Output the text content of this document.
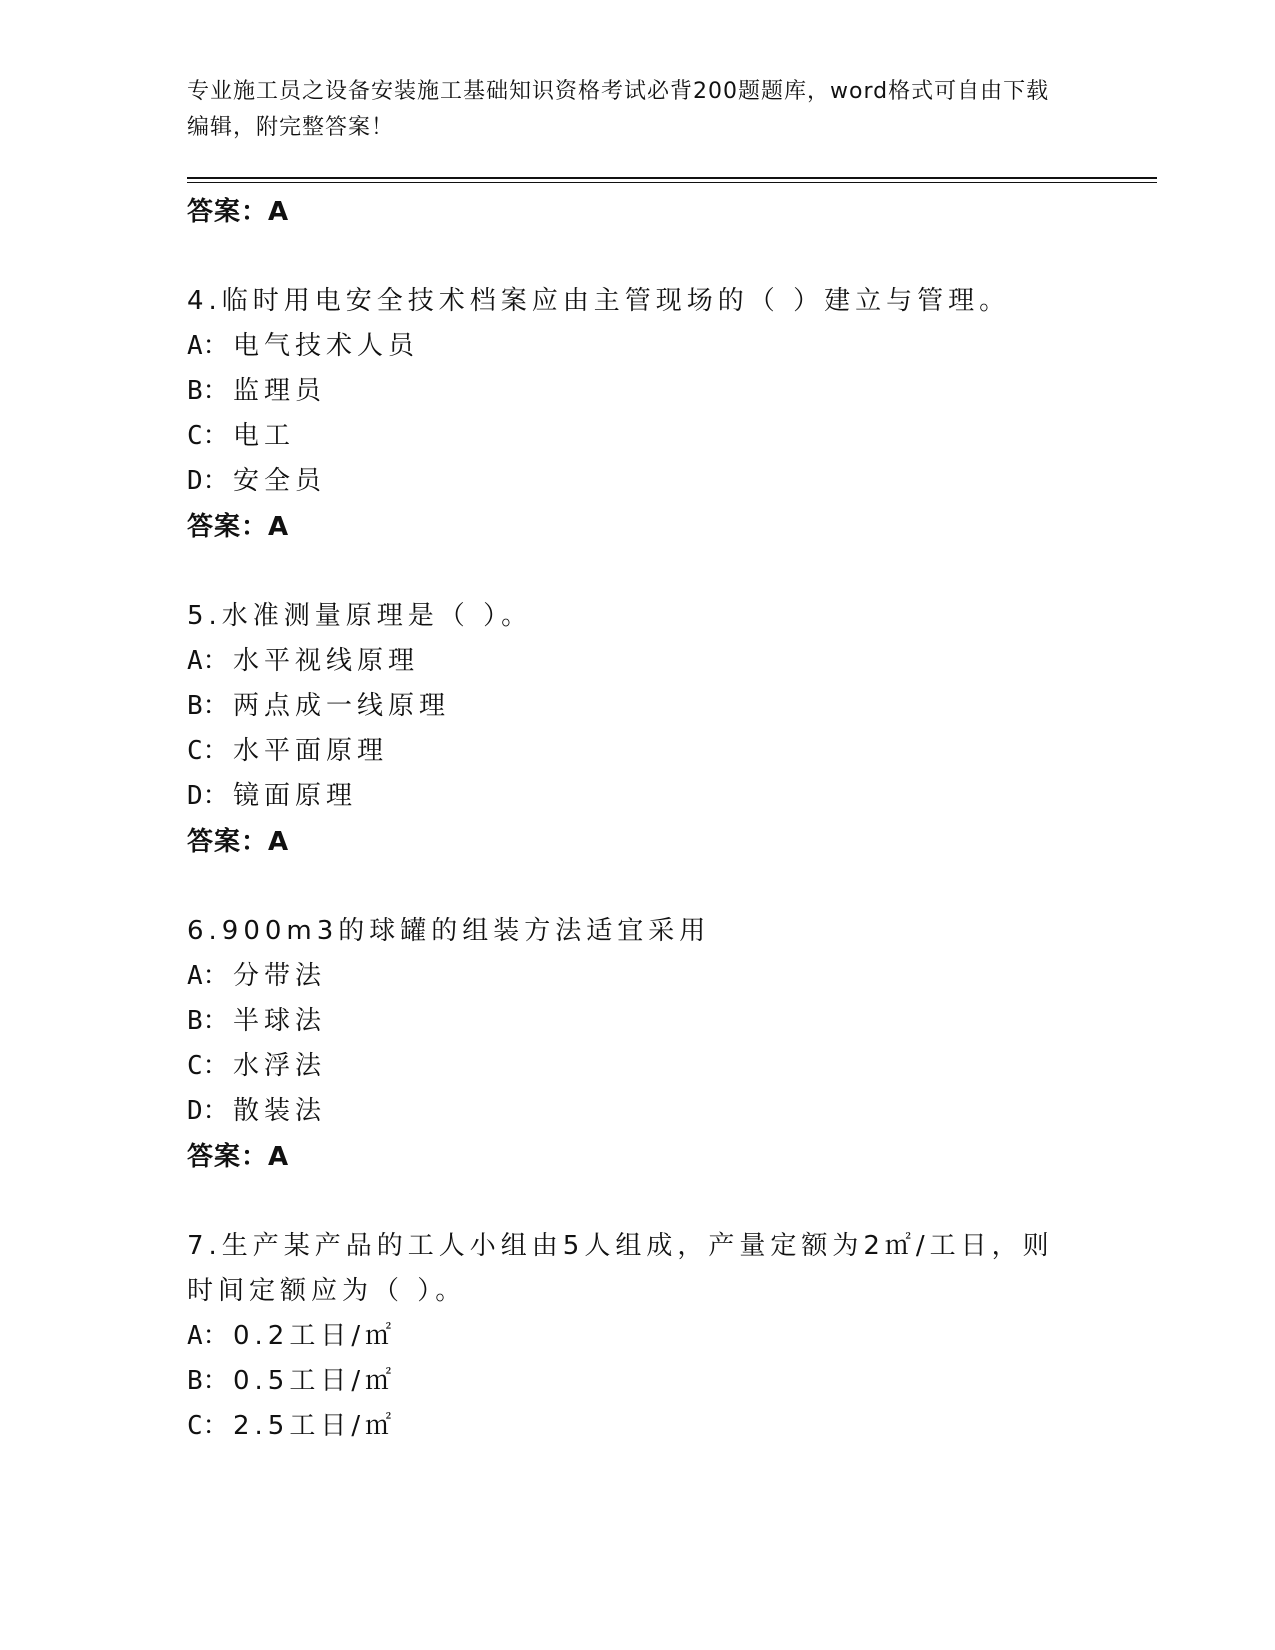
专业施工员之设备安装施工基础知识资格考试必背200题题库，word格式可自由下载编辑，附完整答案！
答案：A
4.临时用电安全技术档案应由主管现场的（ ）建立与管理。
A： 电气技术人员
B： 监理员
C： 电工
D： 安全员
答案：A
5.水准测量原理是（ ）。
A： 水平视线原理
B： 两点成一线原理
C： 水平面原理
D： 镜面原理
答案：A
6.900m3的球罐的组装方法适宜采用
A： 分带法
B： 半球法
C： 水浮法
D： 散装法
答案：A
7.生产某产品的工人小组由5人组成，产量定额为2㎡/工日，则时间定额应为（ ）。
A： 0.2工日/㎡
B： 0.5工日/㎡
C： 2.5工日/㎡
